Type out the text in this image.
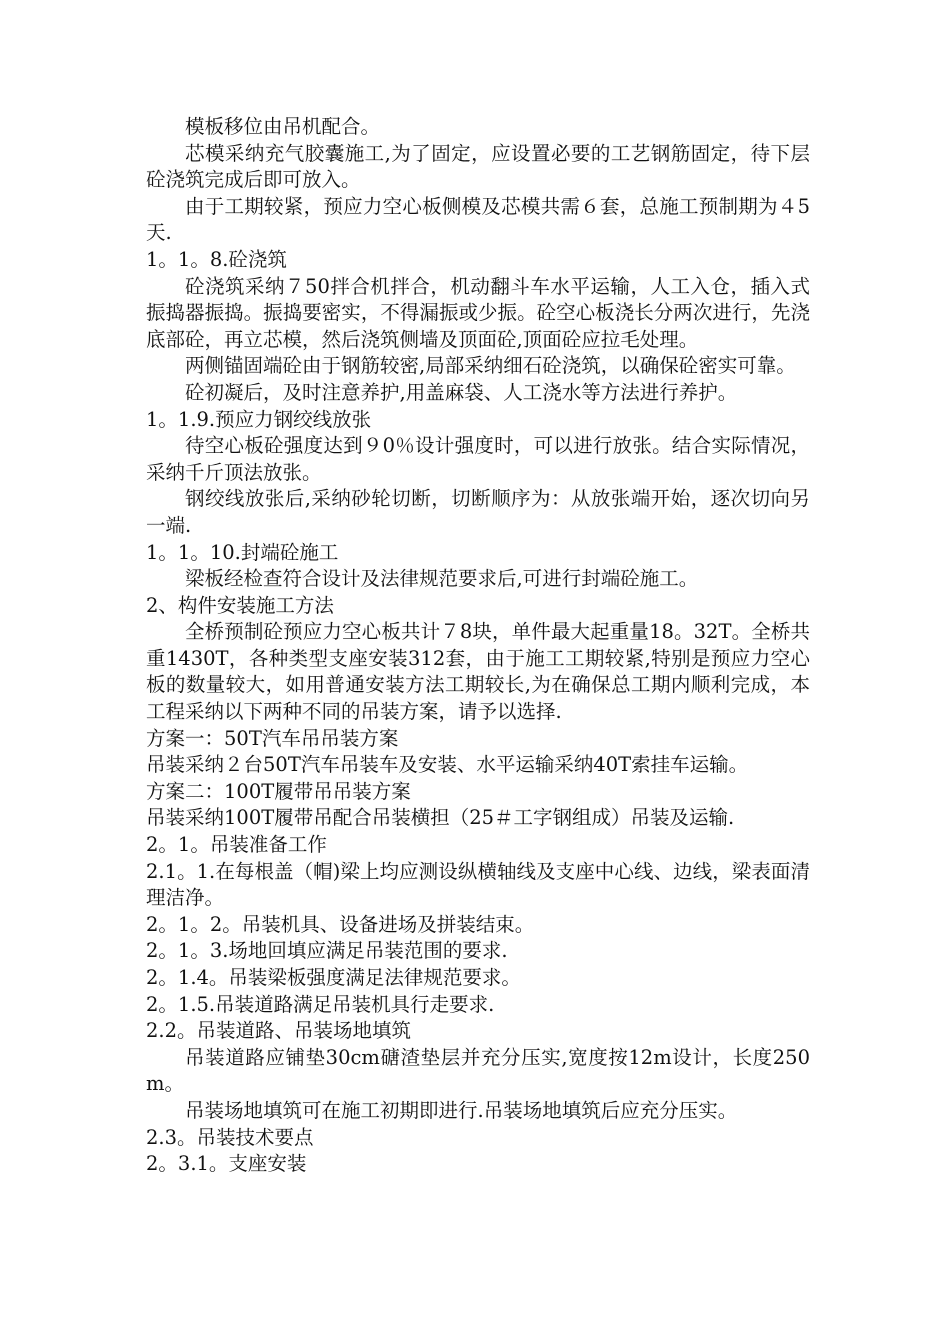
模板移位由吊机配合。

芯模采纳充气胶囊施工,为了固定，应设置必要的工艺钢筋固定，待下层砼浇筑完成后即可放入。

由于工期较紧，预应力空心板侧模及芯模共需６套，总施工预制期为４5天.

1。1。8.砼浇筑

砼浇筑采纳７50拌合机拌合，机动翻斗车水平运输，人工入仓，插入式振捣器振捣。振捣要密实，不得漏振或少振。砼空心板浇长分两次进行，先浇底部砼，再立芯模，然后浇筑侧墙及顶面砼,顶面砼应拉毛处理。

两侧锚固端砼由于钢筋较密,局部采纳细石砼浇筑，以确保砼密实可靠。

砼初凝后，及时注意养护,用盖麻袋、人工浇水等方法进行养护。

1。1.9.预应力钢绞线放张

待空心板砼强度达到９0％设计强度时，可以进行放张。结合实际情况，采纳千斤顶法放张。

钢绞线放张后,采纳砂轮切断，切断顺序为：从放张端开始，逐次切向另一端.

1。1。10.封端砼施工

梁板经检查符合设计及法律规范要求后,可进行封端砼施工。

2、构件安装施工方法

全桥预制砼预应力空心板共计７8块，单件最大起重量18。32T。全桥共重1430T，各种类型支座安装312套，由于施工工期较紧,特别是预应力空心板的数量较大，如用普通安装方法工期较长,为在确保总工期内顺利完成，本工程采纳以下两种不同的吊装方案，请予以选择.

方案一：50T汽车吊吊装方案

吊装采纳２台50T汽车吊装车及安装、水平运输采纳40T索挂车运输。

方案二：100T履带吊吊装方案

吊装采纳100T履带吊配合吊装横担（25＃工字钢组成）吊装及运输.

2。1。吊装准备工作

2.1。1.在每根盖（帽)梁上均应测设纵横轴线及支座中心线、边线，梁表面清理洁净。

2。1。2。吊装机具、设备进场及拼装结束。

2。1。3.场地回填应满足吊装范围的要求.

2。1.4。吊装梁板强度满足法律规范要求。

2。1.5.吊装道路满足吊装机具行走要求.

2.2。吊装道路、吊装场地填筑

吊装道路应铺垫30cm磄渣垫层并充分压实,宽度按12m设计，长度250m。

吊装场地填筑可在施工初期即进行.吊装场地填筑后应充分压实。

2.3。吊装技术要点

2。3.1。支座安装
